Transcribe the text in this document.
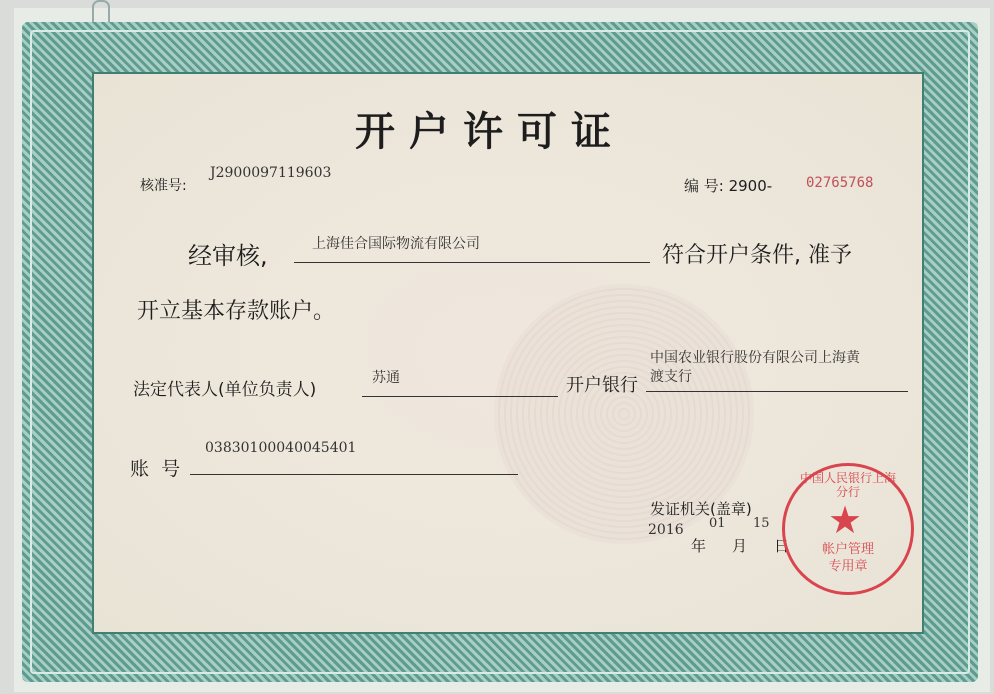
开户许可证
核准号:
J2900097119603
编 号: 2900- 02765768
经审核,	上海佳合国际物流有限公司	符合开户条件, 准予
开立基本存款账户。
法定代表人(单位负责人)
苏通	开户银行
中国农业银行股份有限公司上海黄
渡支行
账  号
03830100040045401
发证机关(盖章)
2016
年
01
月
15
日
中国人民银行上海分行
★
帐户管理
专用章
